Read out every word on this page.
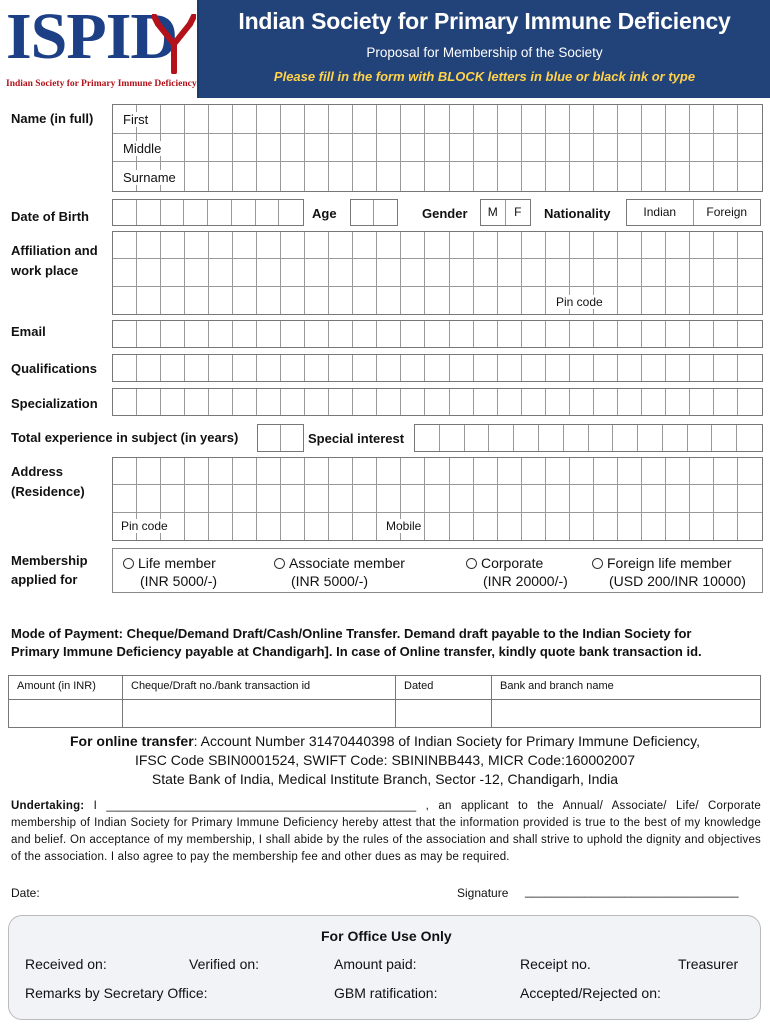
ISPID
Indian Society for Primary Immune Deficiency
Indian Society for Primary Immune Deficiency
Proposal for Membership of the Society
Please fill in the form with BLOCK letters in blue or black ink or type
Name (in full) First
Middle
Surname
Date of Birth	Age	Gender	M	F	Nationality	Indian	Foreign
Affiliation and
work place
Pin code
Email
Qualifications
Specialization
Total experience in subject (in years)	Special interest
Address
(Residence)
Pin code	Mobile
Membership
applied for
Life member
(INR 5000/-)
Associate member
(INR 5000/-)
Corporate
(INR 20000/-)
Foreign life member
(USD 200/INR 10000)
Mode of Payment: Cheque/Demand Draft/Cash/Online Transfer. Demand draft payable to the Indian Society for
Primary Immune Deficiency payable at Chandigarh]. In case of Online transfer, kindly quote bank transaction id.
Amount (in INR)	Cheque/Draft no./bank transaction id	Dated	Bank and branch name

For online transfer: Account Number 31470440398 of Indian Society for Primary Immune Deficiency,
IFSC Code SBIN0001524, SWIFT Code: SBININBB443, MICR Code:160002007
State Bank of India, Medical Institute Branch, Sector -12, Chandigarh, India
Undertaking: I _______________________________________________ , an applicant to the Annual/ Associate/ Life/ Corporate membership of Indian Society for Primary Immune Deficiency hereby attest that the information provided is true to the best of my knowledge and belief. On acceptance of my membership, I shall abide by the rules of the association and shall strive to uphold the dignity and objectives of the association. I also agree to pay the membership fee and other dues as may be required.
Date:	Signature ________________________________
For Office Use Only
Received on:	Verified on:	Amount paid:	Receipt no.	Treasurer
Remarks by Secretary Office:	GBM ratification:	Accepted/Rejected on:
